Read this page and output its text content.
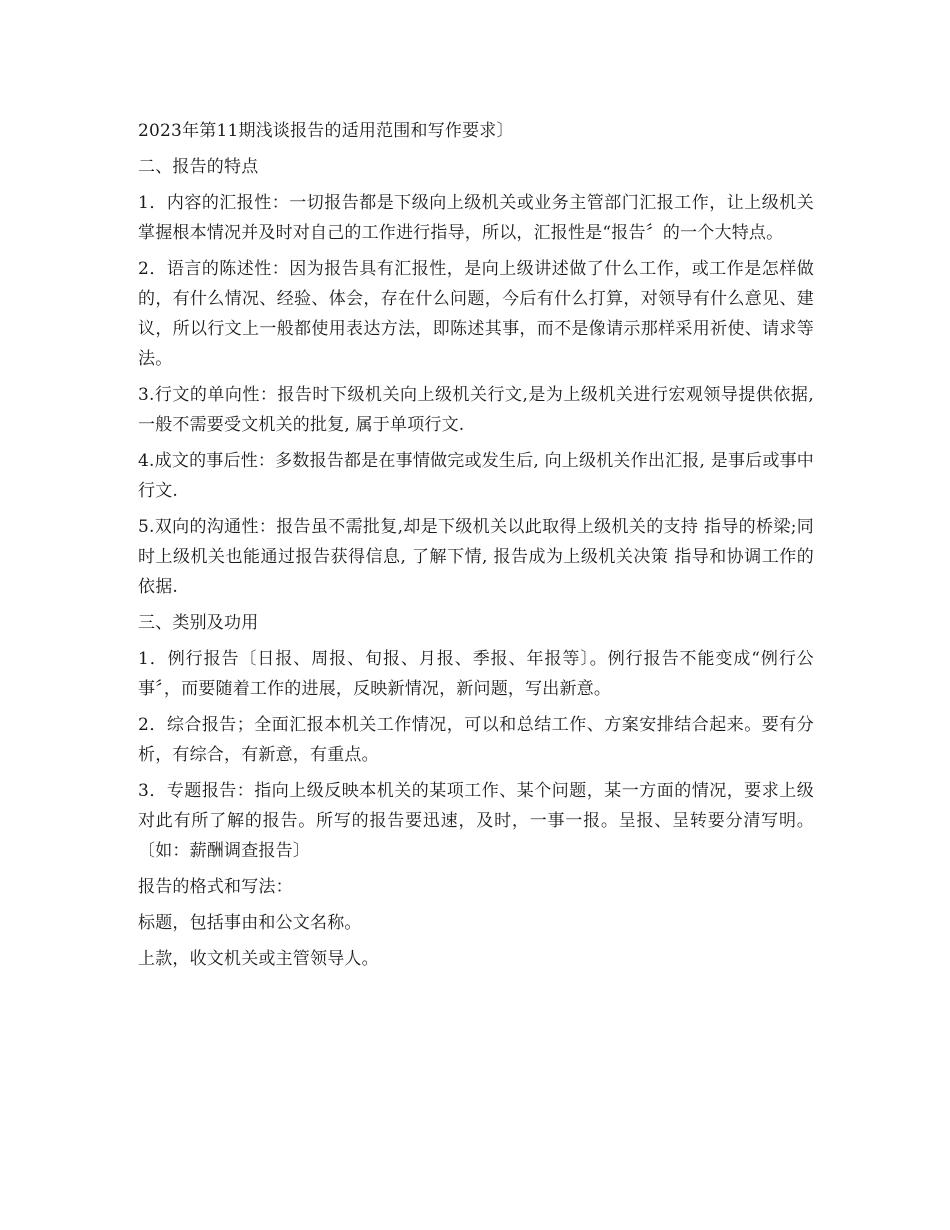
2023年第11期浅谈报告的适用范围和写作要求〕

二、报告的特点

1．内容的汇报性：一切报告都是下级向上级机关或业务主管部门汇报工作，让上级机关掌握根本情况并及时对自己的工作进行指导，所以，汇报性是“报告〞的一个大特点。

2．语言的陈述性：因为报告具有汇报性，是向上级讲述做了什么工作，或工作是怎样做的，有什么情况、经验、体会，存在什么问题，今后有什么打算，对领导有什么意见、建议，所以行文上一般都使用表达方法，即陈述其事，而不是像请示那样采用祈使、请求等法。

3.行文的单向性：报告时下级机关向上级机关行文,是为上级机关进行宏观领导提供依据, 一般不需要受文机关的批复, 属于单项行文.

4.成文的事后性：多数报告都是在事情做完或发生后, 向上级机关作出汇报, 是事后或事中行文.

5.双向的沟通性：报告虽不需批复,却是下级机关以此取得上级机关的支持 指导的桥梁;同时上级机关也能通过报告获得信息, 了解下情, 报告成为上级机关决策 指导和协调工作的依据.

三、类别及功用

1．例行报告〔日报、周报、旬报、月报、季报、年报等〕。例行报告不能变成“例行公事〞，而要随着工作的进展，反映新情况，新问题，写出新意。

2．综合报告；全面汇报本机关工作情况，可以和总结工作、方案安排结合起来。要有分析，有综合，有新意，有重点。

3．专题报告：指向上级反映本机关的某项工作、某个问题，某一方面的情况，要求上级对此有所了解的报告。所写的报告要迅速，及时，一事一报。呈报、呈转要分清写明。〔如：薪酬调查报告〕

报告的格式和写法：

标题，包括事由和公文名称。

上款，收文机关或主管领导人。
